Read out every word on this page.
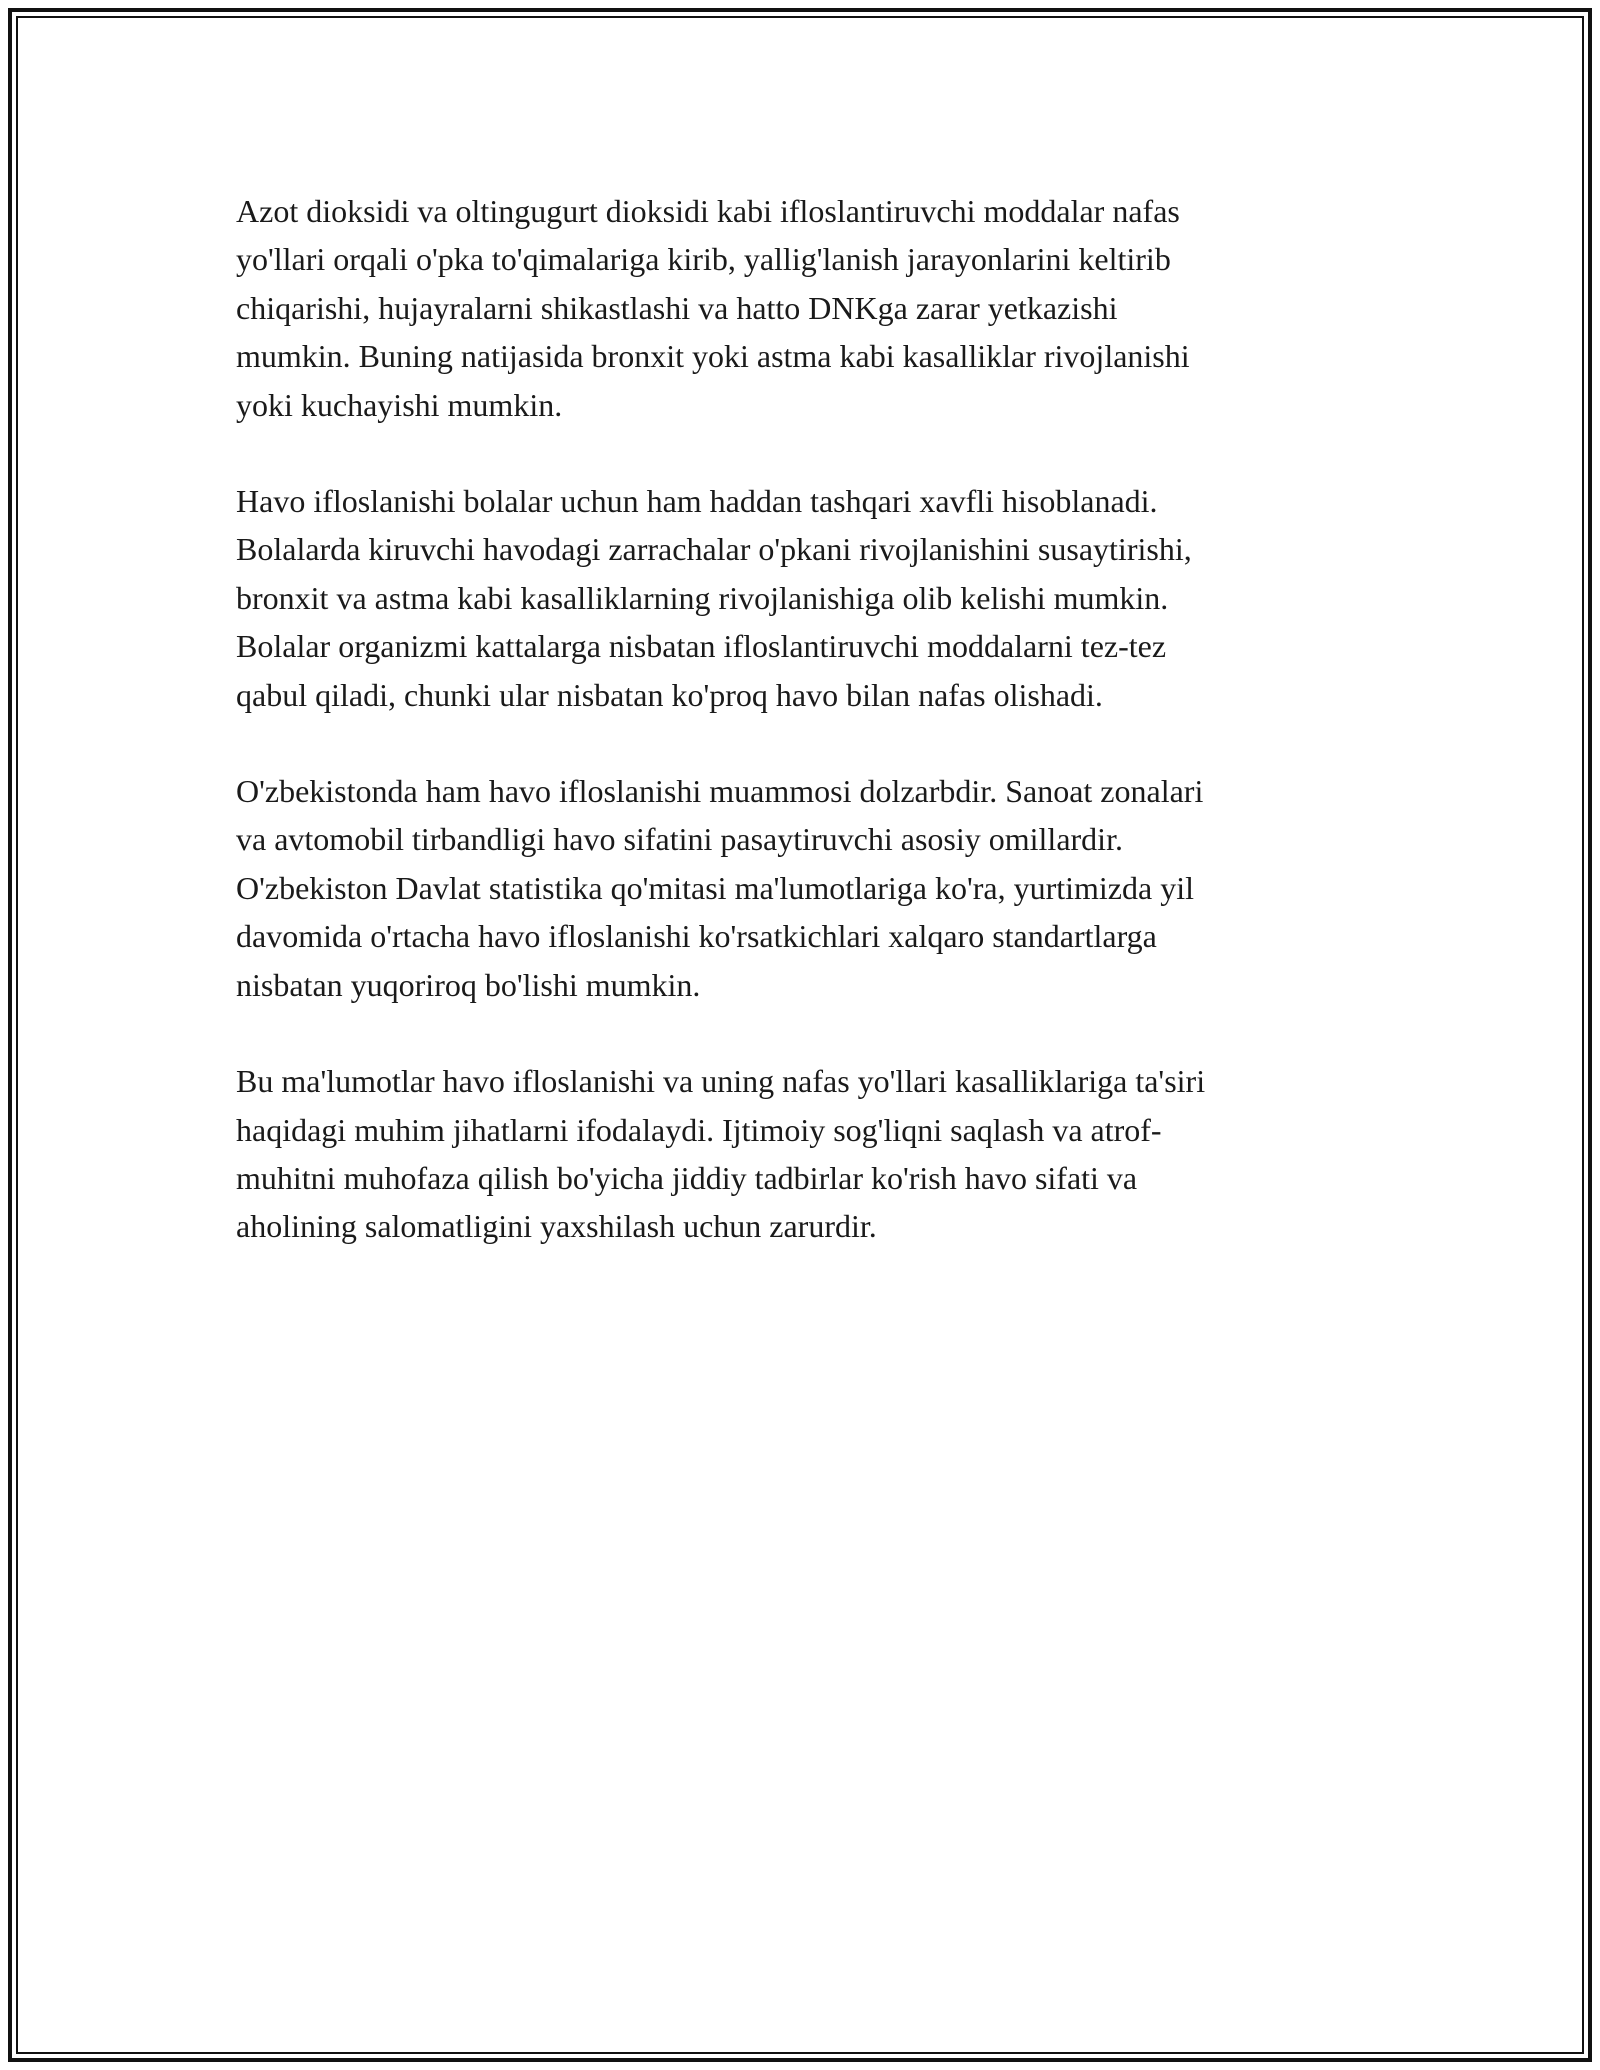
Azot dioksidi va oltingugurt dioksidi kabi ifloslantiruvchi moddalar nafas
yo'llari orqali o'pka to'qimalariga kirib, yallig'lanish jarayonlarini keltirib
chiqarishi, hujayralarni shikastlashi va hatto DNKga zarar yetkazishi
mumkin. Buning natijasida bronxit yoki astma kabi kasalliklar rivojlanishi
yoki kuchayishi mumkin.

Havo ifloslanishi bolalar uchun ham haddan tashqari xavfli hisoblanadi.
Bolalarda kiruvchi havodagi zarrachalar o'pkani rivojlanishini susaytirishi,
bronxit va astma kabi kasalliklarning rivojlanishiga olib kelishi mumkin.
Bolalar organizmi kattalarga nisbatan ifloslantiruvchi moddalarni tez-tez
qabul qiladi, chunki ular nisbatan ko'proq havo bilan nafas olishadi.

O'zbekistonda ham havo ifloslanishi muammosi dolzarbdir. Sanoat zonalari
va avtomobil tirbandligi havo sifatini pasaytiruvchi asosiy omillardir.
O'zbekiston Davlat statistika qo'mitasi ma'lumotlariga ko'ra, yurtimizda yil
davomida o'rtacha havo ifloslanishi ko'rsatkichlari xalqaro standartlarga
nisbatan yuqoriroq bo'lishi mumkin.

Bu ma'lumotlar havo ifloslanishi va uning nafas yo'llari kasalliklariga ta'siri
haqidagi muhim jihatlarni ifodalaydi. Ijtimoiy sog'liqni saqlash va atrof-
muhitni muhofaza qilish bo'yicha jiddiy tadbirlar ko'rish havo sifati va
aholining salomatligini yaxshilash uchun zarurdir.
